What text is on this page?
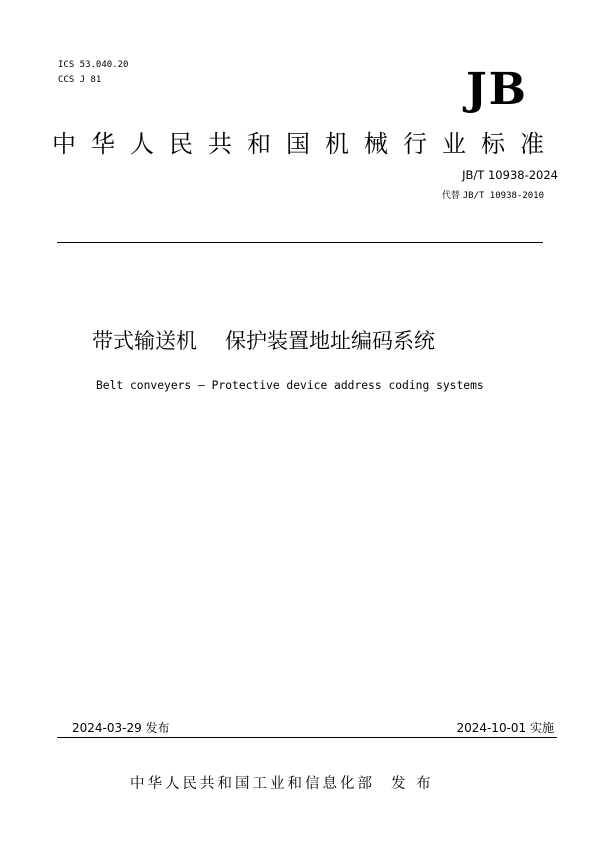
ICS 53.040.20
CCS J 81	JB
中华人民共和国机械行业标准
JB/T 10938-2024
代替 JB/T 10938-2010
带式输送机 保护装置地址编码系统
Belt conveyers — Protective device address coding systems
2024-03-29 发布	2024-10-01 实施
中华人民共和国工业和信息化部 发 布
